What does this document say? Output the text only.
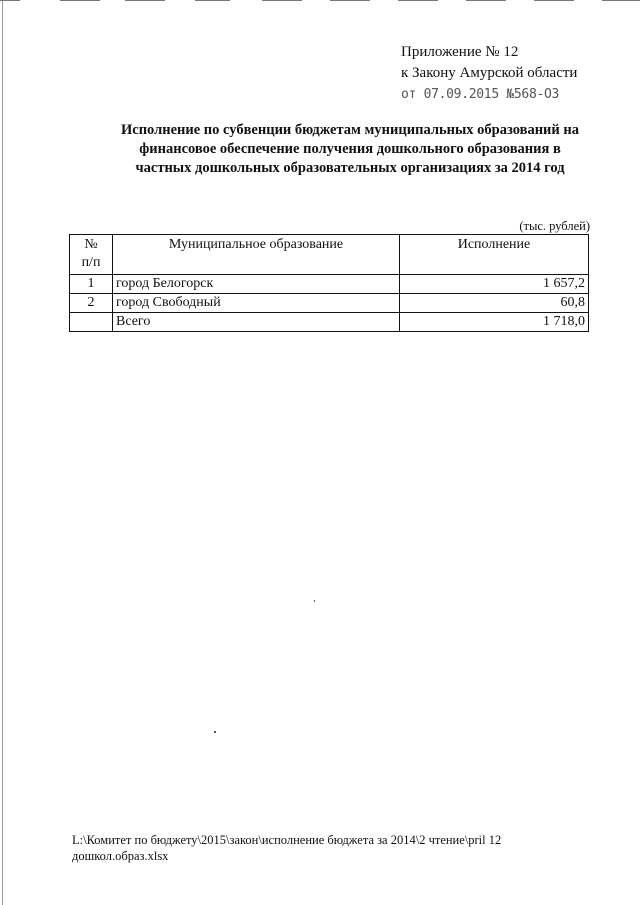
Приложение № 12
к Закону Амурской области
от 07.09.2015 №568-ОЗ
Исполнение по субвенции бюджетам муниципальных образований на
финансовое обеспечение получения дошкольного образования в
частных дошкольных образовательных организациях за 2014 год
(тыс. рублей)
№
п/п	Муниципальное образование	Исполнение
1	город Белогорск	1 657,2
2	город Свободный	60,8
	Всего	1 718,0
L:\Комитет по бюджету\2015\закон\исполнение бюджета за 2014\2 чтение\pril 12
дошкол.образ.xlsx
